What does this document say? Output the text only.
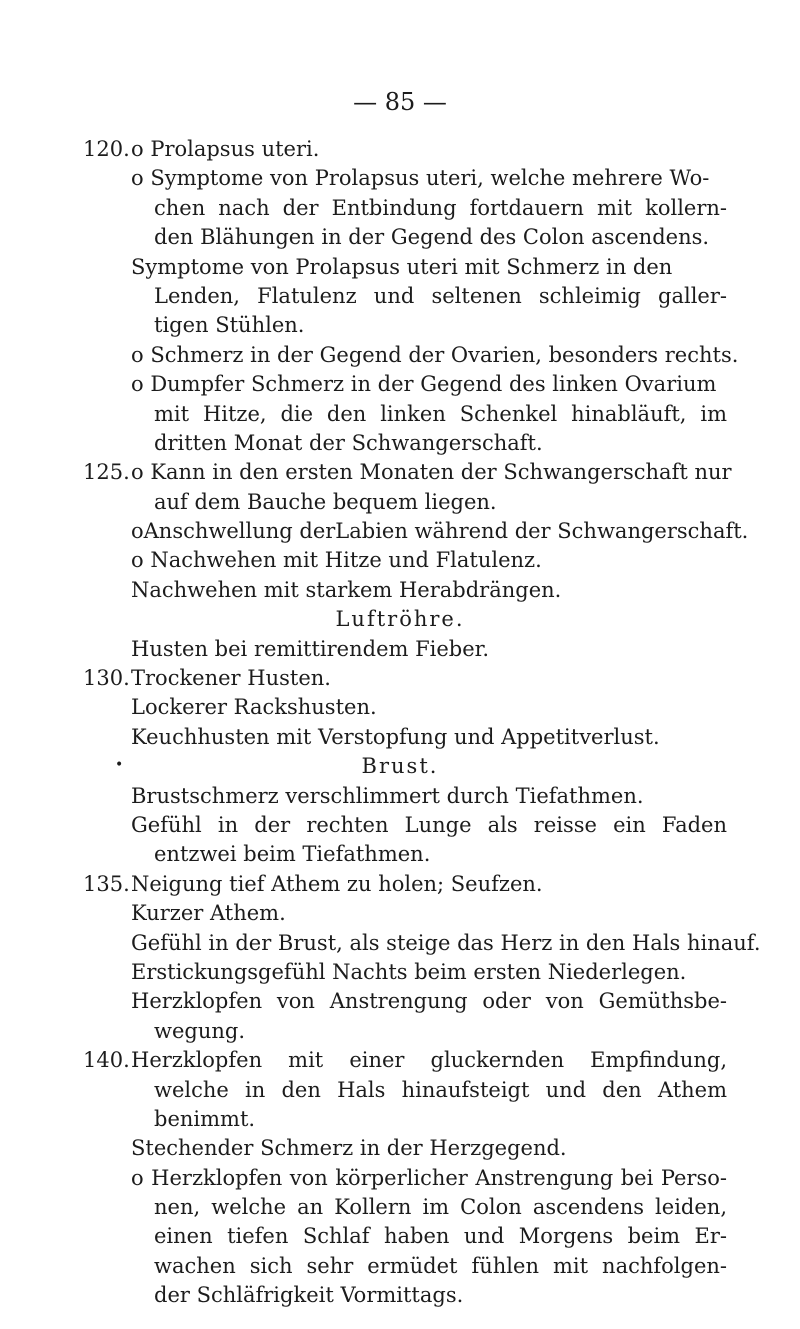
— 85 —
120. o Prolapsus uteri.
o Symptome von Prolapsus uteri, welche mehrere Wo-
chen nach der Entbindung fortdauern mit kollern-
den Blähungen in der Gegend des Colon ascendens.
Symptome von Prolapsus uteri mit Schmerz in den
Lenden, Flatulenz und seltenen schleimig galler-
tigen Stühlen.
o Schmerz in der Gegend der Ovarien, besonders rechts.
o Dumpfer Schmerz in der Gegend des linken Ovarium
mit Hitze, die den linken Schenkel hinabläuft, im
dritten Monat der Schwangerschaft.
125. o Kann in den ersten Monaten der Schwangerschaft nur
auf dem Bauche bequem liegen.
oAnschwellung derLabien während der Schwangerschaft.
o Nachwehen mit Hitze und Flatulenz.
Nachwehen mit starkem Herabdrängen.
Luftröhre.
Husten bei remittirendem Fieber.
130. Trockener Husten.
Lockerer Rackshusten.
Keuchhusten mit Verstopfung und Appetitverlust.
•	Brust.
Brustschmerz verschlimmert durch Tiefathmen.
Gefühl in der rechten Lunge als reisse ein Faden
entzwei beim Tiefathmen.
135. Neigung tief Athem zu holen; Seufzen.
Kurzer Athem.
Gefühl in der Brust, als steige das Herz in den Hals hinauf.
Erstickungsgefühl Nachts beim ersten Niederlegen.
Herzklopfen von Anstrengung oder von Gemüthsbe-
wegung.
140. Herzklopfen mit einer gluckernden Empfindung,
welche in den Hals hinaufsteigt und den Athem
benimmt.
Stechender Schmerz in der Herzgegend.
o Herzklopfen von körperlicher Anstrengung bei Perso-
nen, welche an Kollern im Colon ascendens leiden,
einen tiefen Schlaf haben und Morgens beim Er-
wachen sich sehr ermüdet fühlen mit nachfolgen-
der Schläfrigkeit Vormittags.
